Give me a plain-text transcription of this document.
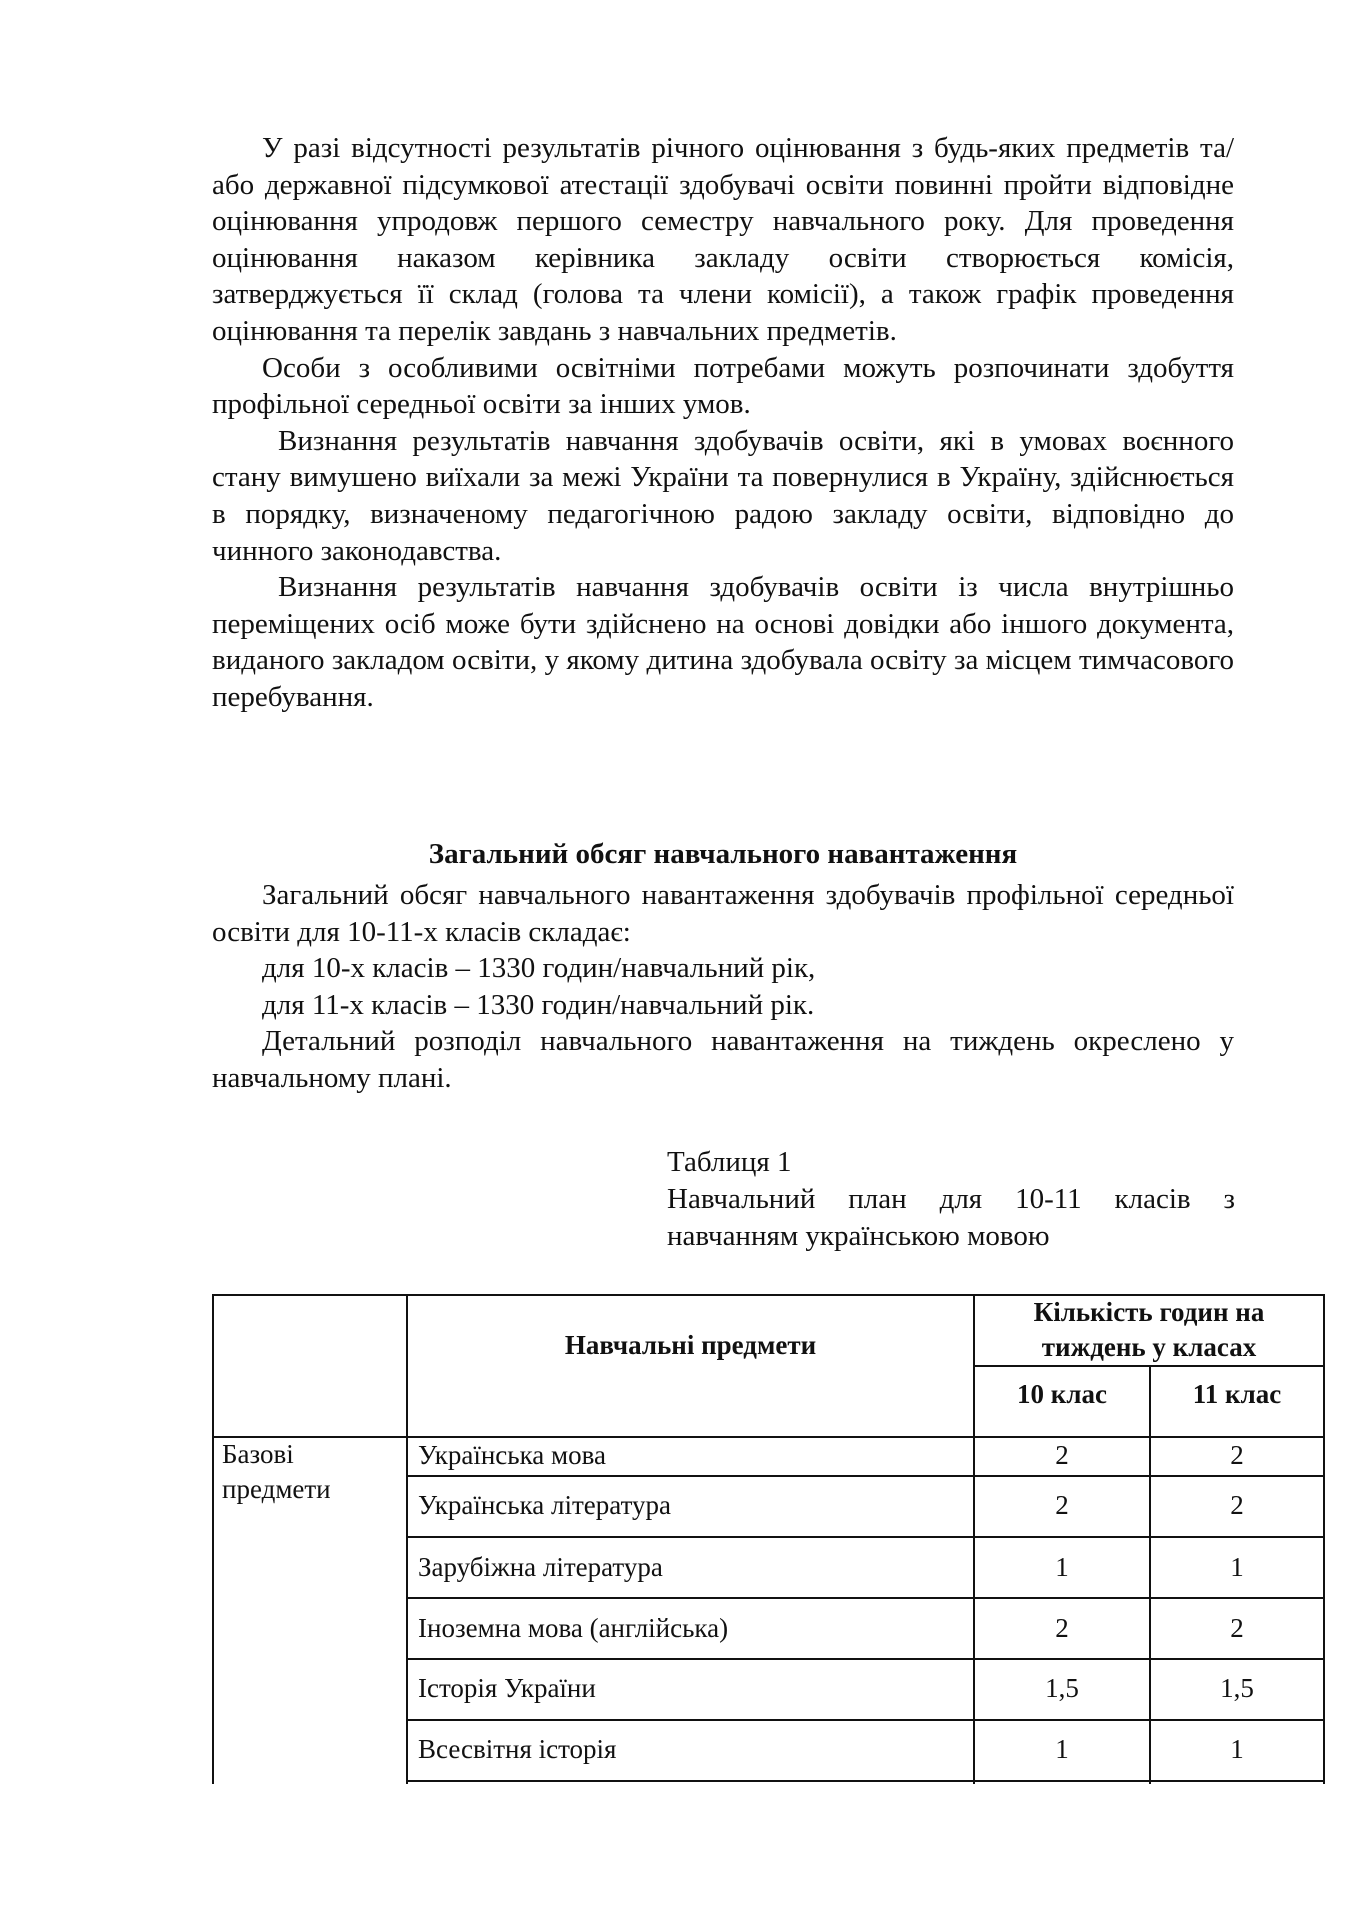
У разі відсутності результатів річного оцінювання з будь-яких предметів та/або державної підсумкової атестації здобувачі освіти повинні пройти відповідне оцінювання упродовж першого семестру навчального року. Для проведення оцінювання наказом керівника закладу освіти створюється комісія, затверджується її склад (голова та члени комісії), а також графік проведення оцінювання та перелік завдань з навчальних предметів.

Особи з особливими освітніми потребами можуть розпочинати здобуття профільної середньої освіти за інших умов.

Визнання результатів навчання здобувачів освіти, які в умовах воєнного стану вимушено виїхали за межі України та повернулися в Україну, здійснюється в порядку, визначеному педагогічною радою закладу освіти, відповідно до чинного законодавства.

Визнання результатів навчання здобувачів освіти із числа внутрішньо переміщених осіб може бути здійснено на основі довідки або іншого документа, виданого закладом освіти, у якому дитина здобувала освіту за місцем тимчасового перебування.

Загальний обсяг навчального навантаження

Загальний обсяг навчального навантаження здобувачів профільної середньої освіти для 10-11-х класів складає:

для 10-х класів – 1330 годин/навчальний рік,

для 11-х класів – 1330 годин/навчальний рік.

Детальний розподіл навчального навантаження на тиждень окреслено у навчальному плані.

Таблиця 1
Навчальний план для 10-11 класів з
навчанням українською мовою
Навчальні предмети
Кількість годин на тиждень у класах
10 клас	11 клас
Базові предмети
Українська мова	2	2
Українська література	2	2
Зарубіжна література	1	1
Іноземна мова (англійська)	2	2
Історія України	1,5	1,5
Всесвітня історія	1	1
